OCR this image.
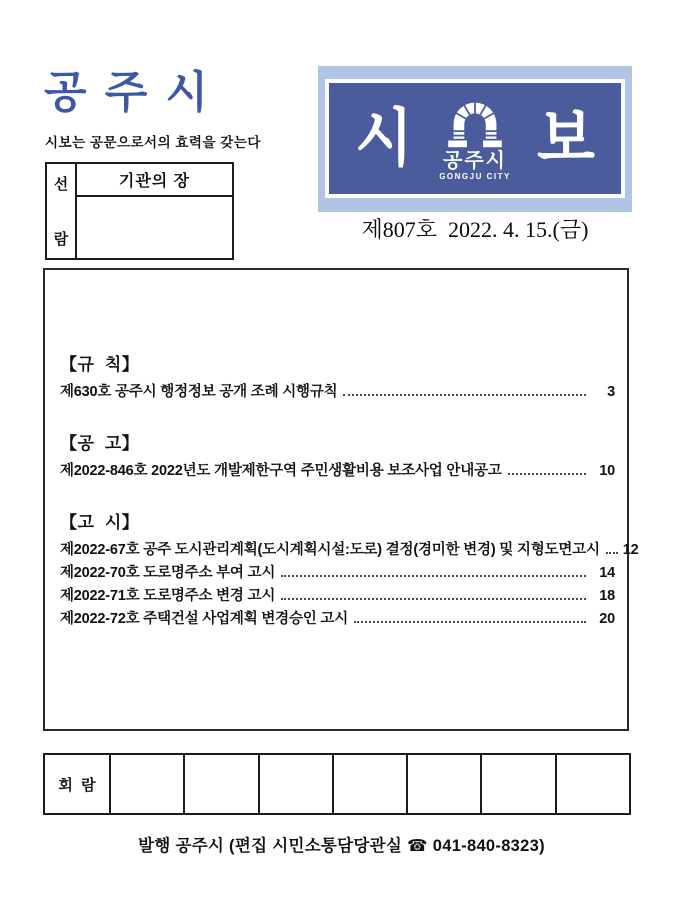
공 주 시
시보는 공문으로서의 효력을 갖는다
선
람
	기관의 장

시 공주시
GONGJU CITY
보
제807호  2022. 4. 15.(금)
【규  칙】
제630호 공주시 행정정보 공개 조례 시행규칙	3
【공  고】
제2022-846호 2022년도 개발제한구역 주민생활비용 보조사업 안내공고	10
【고  시】
제2022-67호 공주 도시관리계획(도시계획시설:도로) 결정(경미한 변경) 및 지형도면고시 12
제2022-70호 도로명주소 부여 고시	14
제2022-71호 도로명주소 변경 고시	18
제2022-72호 주택건설 사업계획 변경승인 고시	20
회  람							
발행 공주시 (편집 시민소통담당관실 ☎ 041-840-8323)
